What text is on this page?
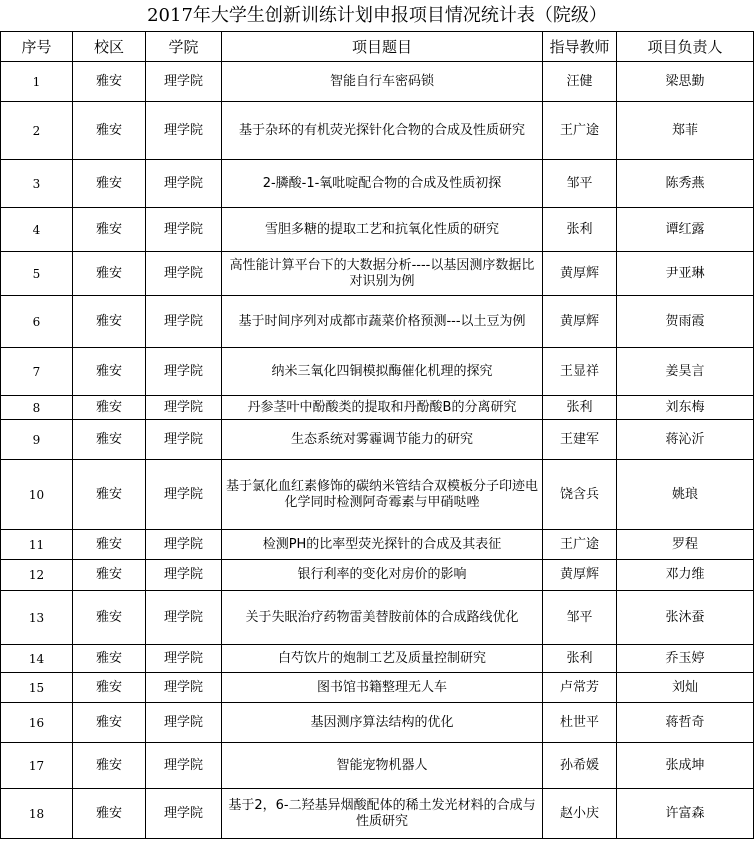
2017年大学生创新训练计划申报项目情况统计表（院级）
序号	校区	学院	项目题目	指导教师	项目负责人
1	雅安	理学院	智能自行车密码锁	汪健	梁思勤
2	雅安	理学院	基于杂环的有机荧光探针化合物的合成及性质研究	王广途	郑菲
3	雅安	理学院	2-膦酸-1-氧吡啶配合物的合成及性质初探	邹平	陈秀燕
4	雅安	理学院	雪胆多糖的提取工艺和抗氧化性质的研究	张利	谭红露
5	雅安	理学院	高性能计算平台下的大数据分析----以基因测序数据比对识别为例	黄厚辉	尹亚琳
6	雅安	理学院	基于时间序列对成都市蔬菜价格预测---以土豆为例	黄厚辉	贺雨霞
7	雅安	理学院	纳米三氧化四铜模拟酶催化机理的探究	王显祥	姜昊言
8	雅安	理学院	丹参茎叶中酚酸类的提取和丹酚酸B的分离研究	张利	刘东梅
9	雅安	理学院	生态系统对雾霾调节能力的研究	王建军	蒋沁沂
10	雅安	理学院	基于氯化血红素修饰的碳纳米管结合双模板分子印迹电化学同时检测阿奇霉素与甲硝哒唑	饶含兵	姚琅
11	雅安	理学院	检测PH的比率型荧光探针的合成及其表征	王广途	罗程
12	雅安	理学院	银行利率的变化对房价的影响	黄厚辉	邓力维
13	雅安	理学院	关于失眠治疗药物雷美替胺前体的合成路线优化	邹平	张沐蚕
14	雅安	理学院	白芍饮片的炮制工艺及质量控制研究	张利	乔玉婷
15	雅安	理学院	图书馆书籍整理无人车	卢常芳	刘灿
16	雅安	理学院	基因测序算法结构的优化	杜世平	蒋哲奇
17	雅安	理学院	智能宠物机器人	孙希媛	张成坤
18	雅安	理学院	基于2，6-二羟基异烟酸配体的稀土发光材料的合成与性质研究	赵小庆	许富森
